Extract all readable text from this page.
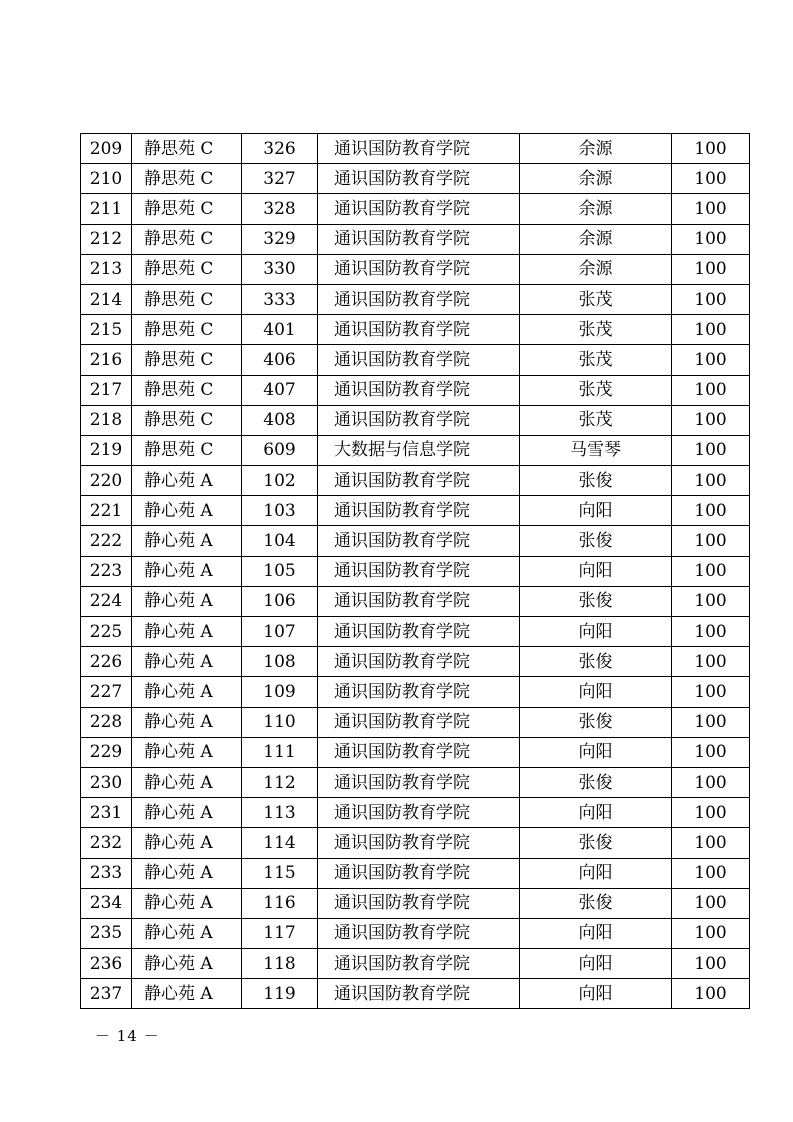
209	静思苑 C	326	通识国防教育学院	余源	100
210	静思苑 C	327	通识国防教育学院	余源	100
211	静思苑 C	328	通识国防教育学院	余源	100
212	静思苑 C	329	通识国防教育学院	余源	100
213	静思苑 C	330	通识国防教育学院	余源	100
214	静思苑 C	333	通识国防教育学院	张茂	100
215	静思苑 C	401	通识国防教育学院	张茂	100
216	静思苑 C	406	通识国防教育学院	张茂	100
217	静思苑 C	407	通识国防教育学院	张茂	100
218	静思苑 C	408	通识国防教育学院	张茂	100
219	静思苑 C	609	大数据与信息学院	马雪琴	100
220	静心苑 A	102	通识国防教育学院	张俊	100
221	静心苑 A	103	通识国防教育学院	向阳	100
222	静心苑 A	104	通识国防教育学院	张俊	100
223	静心苑 A	105	通识国防教育学院	向阳	100
224	静心苑 A	106	通识国防教育学院	张俊	100
225	静心苑 A	107	通识国防教育学院	向阳	100
226	静心苑 A	108	通识国防教育学院	张俊	100
227	静心苑 A	109	通识国防教育学院	向阳	100
228	静心苑 A	110	通识国防教育学院	张俊	100
229	静心苑 A	111	通识国防教育学院	向阳	100
230	静心苑 A	112	通识国防教育学院	张俊	100
231	静心苑 A	113	通识国防教育学院	向阳	100
232	静心苑 A	114	通识国防教育学院	张俊	100
233	静心苑 A	115	通识国防教育学院	向阳	100
234	静心苑 A	116	通识国防教育学院	张俊	100
235	静心苑 A	117	通识国防教育学院	向阳	100
236	静心苑 A	118	通识国防教育学院	向阳	100
237	静心苑 A	119	通识国防教育学院	向阳	100
－ 14 －
